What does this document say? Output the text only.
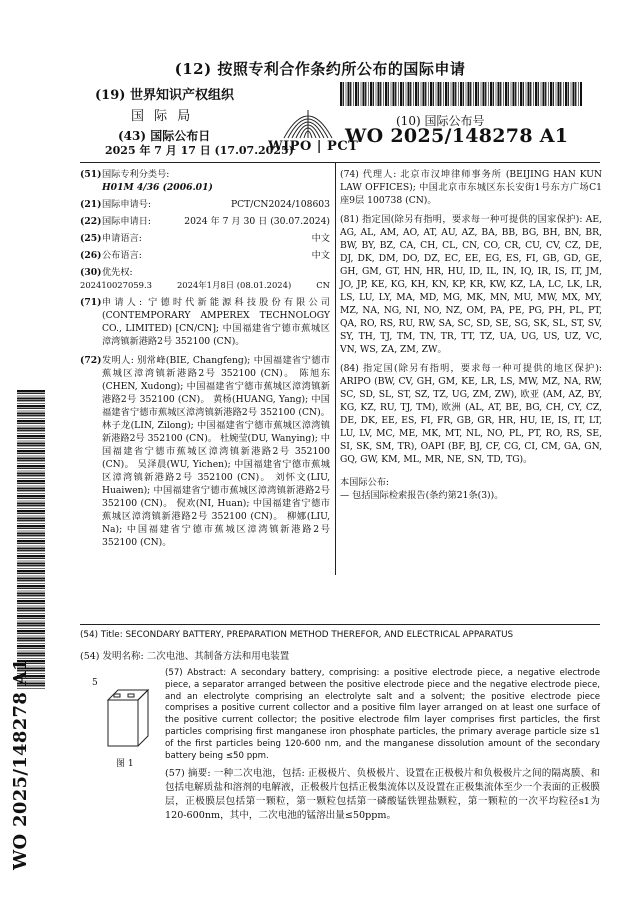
(12) 按照专利合作条约所公布的国际申请
(19) 世界知识产权组织
国 际 局
(43) 国际公布日
2025 年 7 月 17 日 (17.07.2025)
WIPO | PCT
(10) 国际公布号
WO 2025/148278 A1
(51) 国际专利分类号:
H01M 4/36 (2006.01)
(21) 国际申请号:	PCT/CN2024/108603
(22) 国际申请日:	2024 年 7 月 30 日 (30.07.2024)
(25) 申请语言:	中文
(26) 公布语言:	中文
(30) 优先权:
202410027059.3	2024年1月8日 (08.01.2024)	CN
(71) 申请人: 宁德时代新能源科技股份有限公司 (CONTEMPORARY AMPEREX TECHNOLOGY CO., LIMITED) [CN/CN]; 中国福建省宁德市蕉城区漳湾镇新港路2号 352100 (CN)。
(72) 发明人: 别常峰(BIE, Changfeng); 中国福建省宁德市蕉城区漳湾镇新港路2号 352100 (CN)。 陈旭东(CHEN, Xudong); 中国福建省宁德市蕉城区漳湾镇新港路2号 352100 (CN)。 黄杨(HUANG, Yang); 中国福建省宁德市蕉城区漳湾镇新港路2号 352100 (CN)。 林子龙(LIN, Zilong); 中国福建省宁德市蕉城区漳湾镇新港路2号 352100 (CN)。 杜婉莹(DU, Wanying); 中国福建省宁德市蕉城区漳湾镇新港路2号 352100 (CN)。 吴泽晨(WU, Yichen); 中国福建省宁德市蕉城区漳湾镇新港路2号 352100 (CN)。 刘怀文(LIU, Huaiwen); 中国福建省宁德市蕉城区漳湾镇新港路2号 352100 (CN)。 倪欢(NI, Huan); 中国福建省宁德市蕉城区漳湾镇新港路2号 352100 (CN)。 柳娜(LIU, Na); 中国福建省宁德市蕉城区漳湾镇新港路2号 352100 (CN)。
(74) 代理人: 北京市汉坤律师事务所 (BEIJING HAN KUN LAW OFFICES); 中国北京市东城区东长安街1号东方广场C1座9层 100738 (CN)。
(81) 指定国(除另有指明，要求每一种可提供的国家保护): AE, AG, AL, AM, AO, AT, AU, AZ, BA, BB, BG, BH, BN, BR, BW, BY, BZ, CA, CH, CL, CN, CO, CR, CU, CV, CZ, DE, DJ, DK, DM, DO, DZ, EC, EE, EG, ES, FI, GB, GD, GE, GH, GM, GT, HN, HR, HU, ID, IL, IN, IQ, IR, IS, IT, JM, JO, JP, KE, KG, KH, KN, KP, KR, KW, KZ, LA, LC, LK, LR, LS, LU, LY, MA, MD, MG, MK, MN, MU, MW, MX, MY, MZ, NA, NG, NI, NO, NZ, OM, PA, PE, PG, PH, PL, PT, QA, RO, RS, RU, RW, SA, SC, SD, SE, SG, SK, SL, ST, SV, SY, TH, TJ, TM, TN, TR, TT, TZ, UA, UG, US, UZ, VC, VN, WS, ZA, ZM, ZW。
(84) 指定国(除另有指明，要求每一种可提供的地区保护): ARIPO (BW, CV, GH, GM, KE, LR, LS, MW, MZ, NA, RW, SC, SD, SL, ST, SZ, TZ, UG, ZM, ZW), 欧亚 (AM, AZ, BY, KG, KZ, RU, TJ, TM), 欧洲 (AL, AT, BE, BG, CH, CY, CZ, DE, DK, EE, ES, FI, FR, GB, GR, HR, HU, IE, IS, IT, LT, LU, LV, MC, ME, MK, MT, NL, NO, PL, PT, RO, RS, SE, SI, SK, SM, TR), OAPI (BF, BJ, CF, CG, CI, CM, GA, GN, GQ, GW, KM, ML, MR, NE, SN, TD, TG)。
本国际公布:
— 包括国际检索报告(条约第21条(3))。
WO 2025/148278 A1
(54) Title: SECONDARY BATTERY, PREPARATION METHOD THEREFOR, AND ELECTRICAL APPARATUS
(54) 发明名称: 二次电池、其制备方法和用电装置
5
图 1
(57) Abstract: A secondary battery, comprising: a positive electrode piece, a negative electrode piece, a separator arranged between the positive electrode piece and the negative electrode piece, and an electrolyte comprising an electrolyte salt and a solvent; the positive electrode piece comprises a positive current collector and a positive film layer arranged on at least one surface of the positive current collector; the positive electrode film layer comprises first particles, the first particles comprising first manganese iron phosphate particles, the primary average particle size s1 of the first particles being 120-600 nm, and the manganese dissolution amount of the secondary battery being ≤50 ppm.
(57) 摘要: 一种二次电池，包括: 正极极片、负极极片、设置在正极极片和负极极片之间的隔离膜、和包括电解质盐和溶剂的电解液，正极极片包括正极集流体以及设置在正极集流体至少一个表面的正极膜层，正极膜层包括第一颗粒，第一颗粒包括第一磷酸锰铁锂盐颗粒，第一颗粒的一次平均粒径s1为120-600nm，其中，二次电池的锰溶出量≤50ppm。
